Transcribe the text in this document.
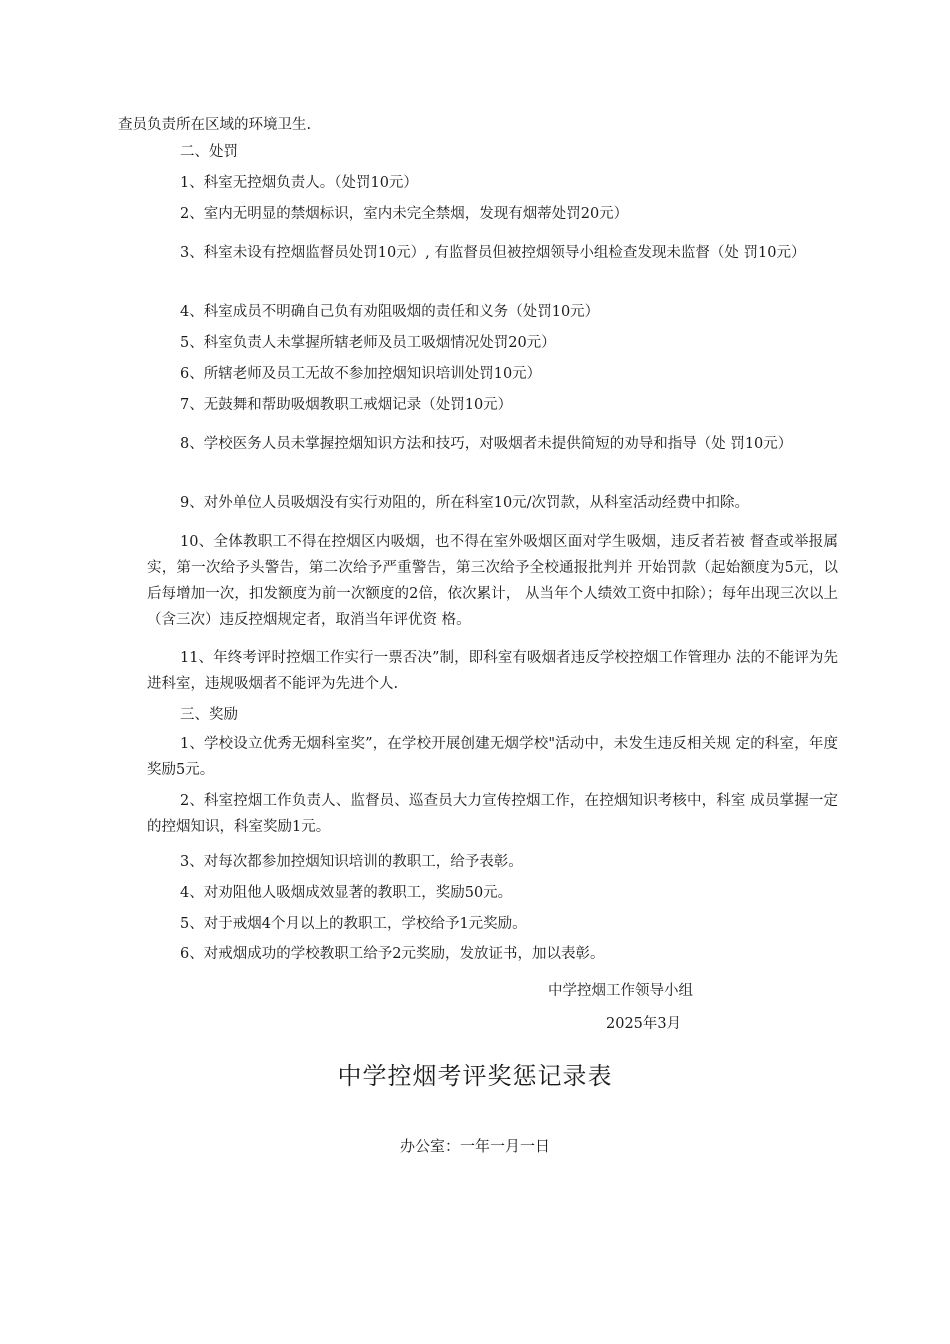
查员负责所在区域的环境卫生.
二、处罚
1、科室无控烟负责人。（处罚10元）
2、室内无明显的禁烟标识，室内未完全禁烟，发现有烟蒂处罚20元）
3、科室未设有控烟监督员处罚10元）, 有监督员但被控烟领导小组检查发现未监督（处 罚10元）
4、科室成员不明确自己负有劝阻吸烟的责任和义务（处罚10元）
5、科室负责人未掌握所辖老师及员工吸烟情况处罚20元）
6、所辖老师及员工无故不参加控烟知识培训处罚10元）
7、无鼓舞和帮助吸烟教职工戒烟记录（处罚10元）
8、学校医务人员未掌握控烟知识方法和技巧，对吸烟者未提供简短的劝导和指导（处 罚10元）
9、对外单位人员吸烟没有实行劝阻的，所在科室10元/次罚款，从科室活动经费中扣除。
10、全体教职工不得在控烟区内吸烟，也不得在室外吸烟区面对学生吸烟，违反者若被 督查或举报属实，第一次给予头警告，第二次给予严重警告，第三次给予全校通报批判并 开始罚款（起始额度为5元，以后每增加一次，扣发额度为前一次额度的2倍，依次累计， 从当年个人绩效工资中扣除）；每年出现三次以上（含三次）违反控烟规定者，取消当年评优资 格。
11、年终考评时控烟工作实行一票否决”制，即科室有吸烟者违反学校控烟工作管理办 法的不能评为先进科室，违规吸烟者不能评为先进个人.
三、奖励
1、学校设立优秀无烟科室奖”，在学校开展创建无烟学校"活动中，未发生违反相关规 定的科室，年度奖励5元。
2、科室控烟工作负责人、监督员、巡查员大力宣传控烟工作，在控烟知识考核中，科室 成员掌握一定的控烟知识，科室奖励1元。
3、对每次都参加控烟知识培训的教职工，给予表彰。
4、对劝阻他人吸烟成效显著的教职工，奖励50元。
5、对于戒烟4个月以上的教职工，学校给予1元奖励。
6、对戒烟成功的学校教职工给予2元奖励，发放证书，加以表彰。
中学控烟工作领导小组
2025年3月
中学控烟考评奖惩记录表
办公室：一年一月一日
